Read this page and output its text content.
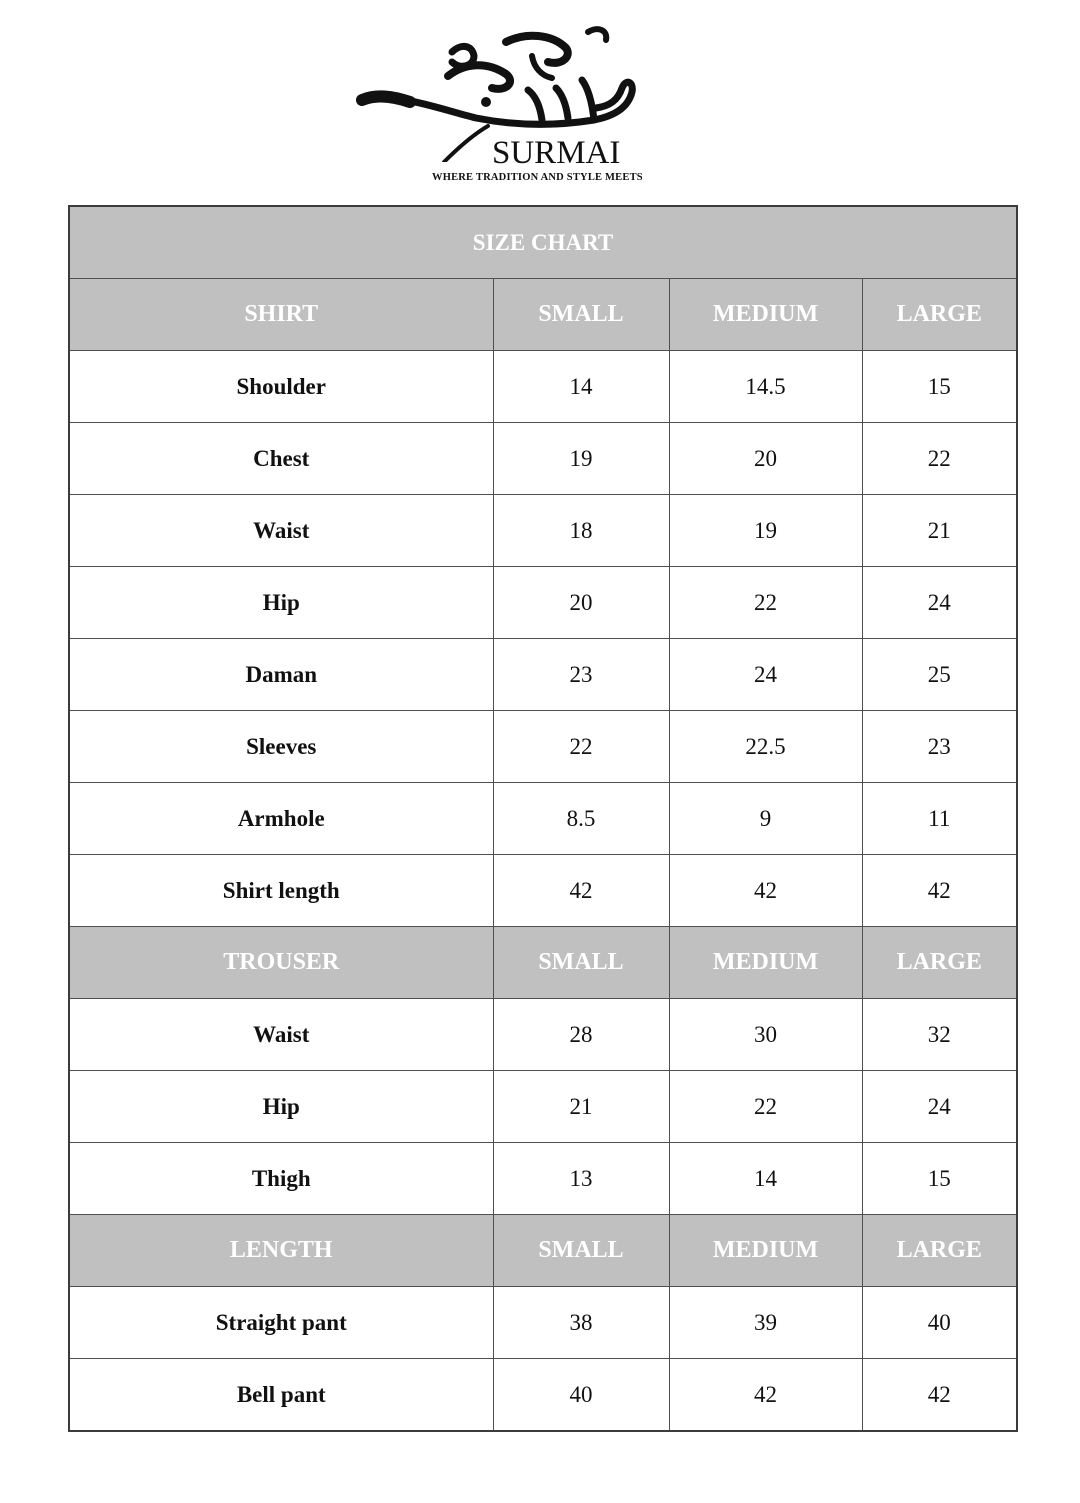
SURMAI
WHERE TRADITION AND STYLE MEETS
SIZE CHART			
SHIRT	SMALL	MEDIUM	LARGE
Shoulder	14	14.5	15
Chest	19	20	22
Waist	18	19	21
Hip	20	22	24
Daman	23	24	25
Sleeves	22	22.5	23
Armhole	8.5	9	11
Shirt length	42	42	42
TROUSER	SMALL	MEDIUM	LARGE
Waist	28	30	32
Hip	21	22	24
Thigh	13	14	15
LENGTH	SMALL	MEDIUM	LARGE
Straight pant	38	39	40
Bell pant	40	42	42
